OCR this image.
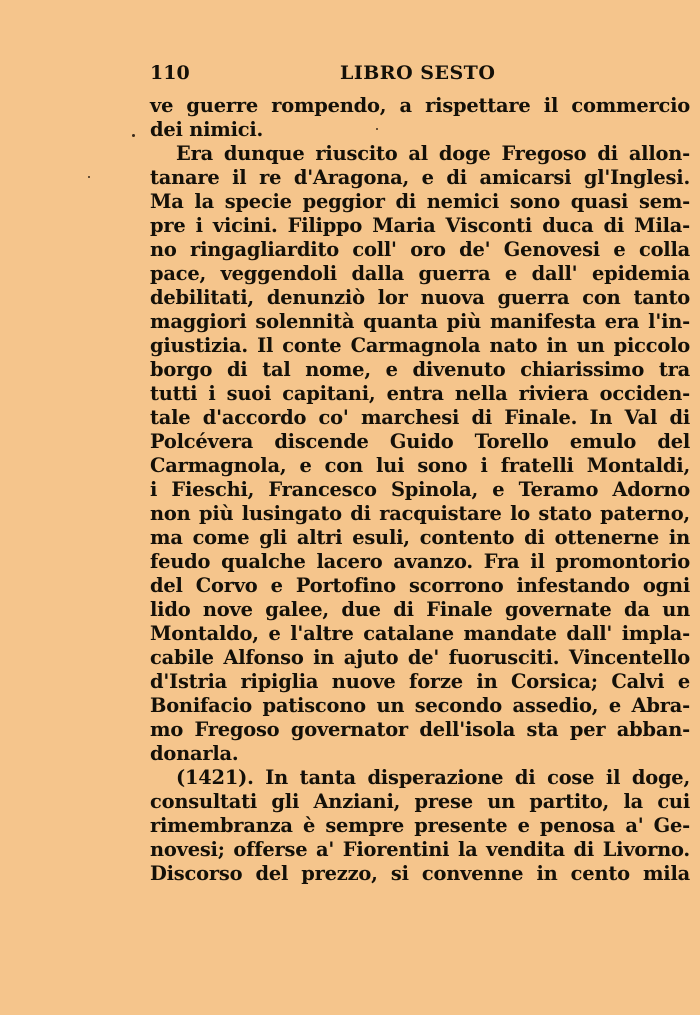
110	LIBRO SESTO
ve guerre rompendo, a rispettare il commercio
dei nimici.
Era dunque riuscito al doge Fregoso di allon-
tanare il re d'Aragona, e di amicarsi gl'Inglesi.
Ma la specie peggior di nemici sono quasi sem-
pre i vicini. Filippo Maria Visconti duca di Mila-
no ringagliardito coll' oro de' Genovesi e colla
pace, veggendoli dalla guerra e dall' epidemia
debilitati, denunziò lor nuova guerra con tanto
maggiori solennità quanta più manifesta era l'in-
giustizia. Il conte Carmagnola nato in un piccolo
borgo di tal nome, e divenuto chiarissimo tra
tutti i suoi capitani, entra nella riviera occiden-
tale d'accordo co' marchesi di Finale. In Val di
Polcévera discende Guido Torello emulo del
Carmagnola, e con lui sono i fratelli Montaldi,
i Fieschi, Francesco Spinola, e Teramo Adorno
non più lusingato di racquistare lo stato paterno,
ma come gli altri esuli, contento di ottenerne in
feudo qualche lacero avanzo. Fra il promontorio
del Corvo e Portofino scorrono infestando ogni
lido nove galee, due di Finale governate da un
Montaldo, e l'altre catalane mandate dall' impla-
cabile Alfonso in ajuto de' fuorusciti. Vincentello
d'Istria ripiglia nuove forze in Corsica; Calvi e
Bonifacio patiscono un secondo assedio, e Abra-
mo Fregoso governator dell'isola sta per abban-
donarla.
(1421). In tanta disperazione di cose il doge,
consultati gli Anziani, prese un partito, la cui
rimembranza è sempre presente e penosa a' Ge-
novesi; offerse a' Fiorentini la vendita di Livorno.
Discorso del prezzo, si convenne in cento mila
